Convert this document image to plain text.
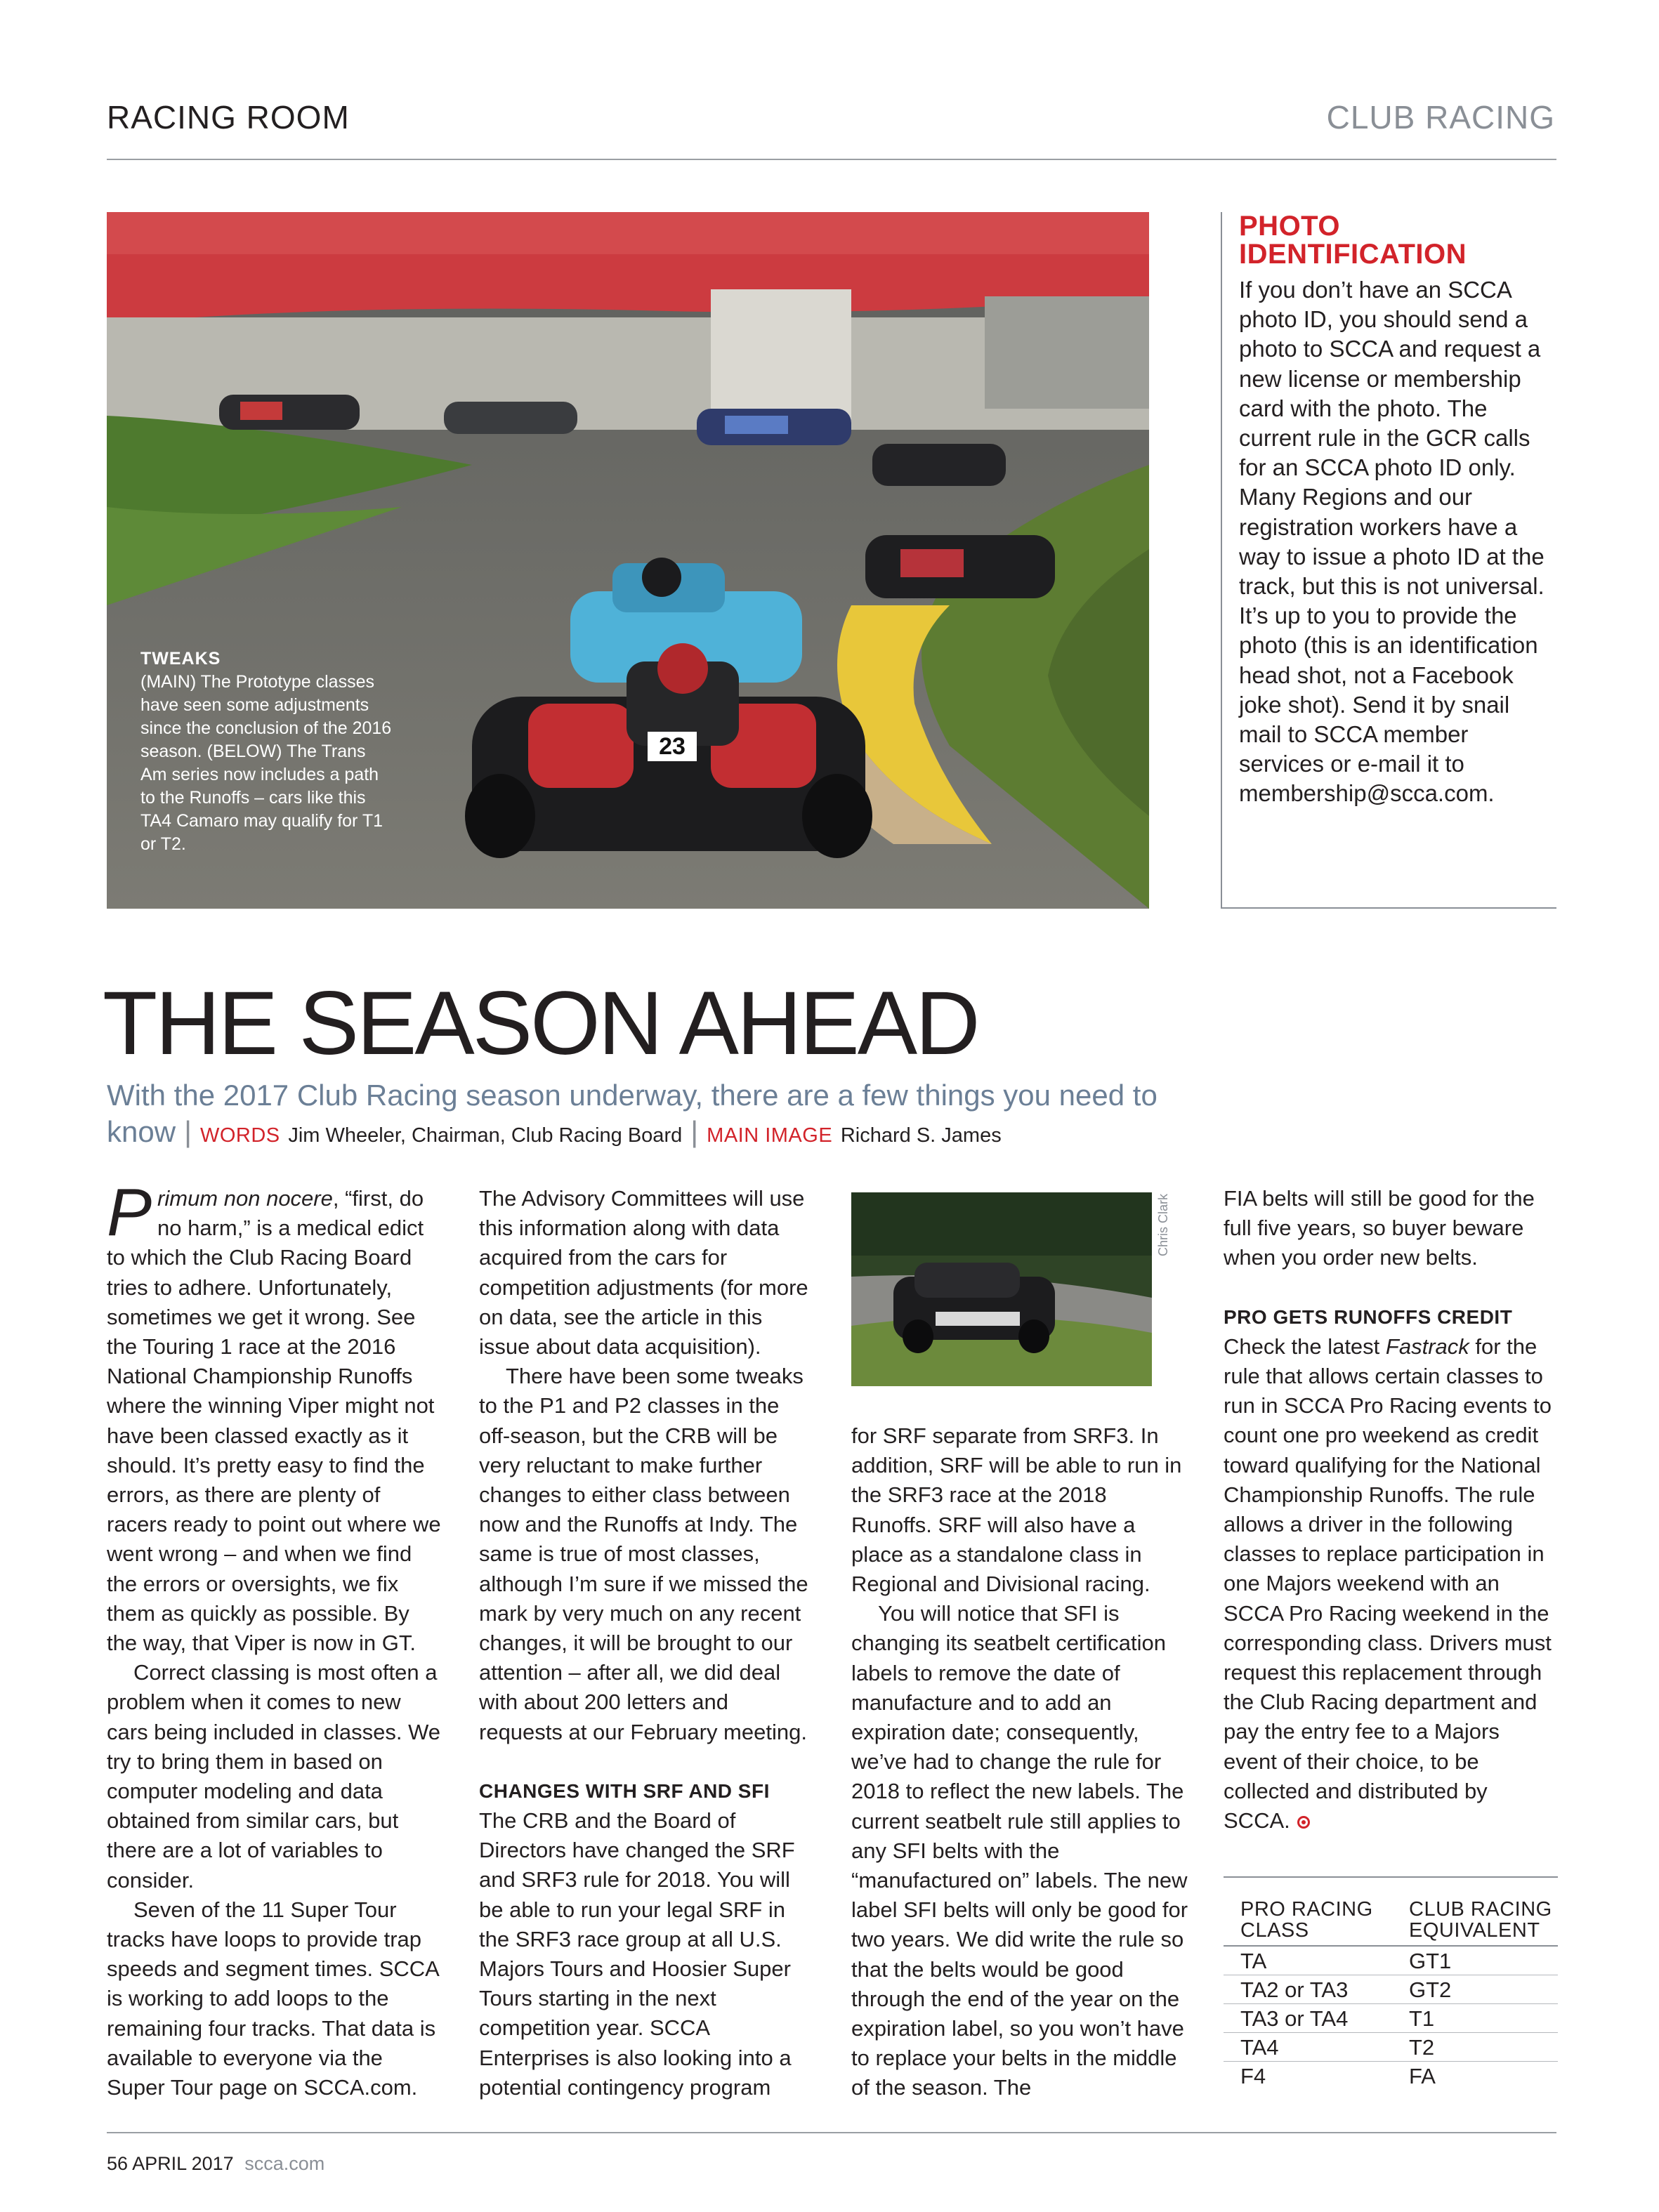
RACING ROOM	CLUB RACING
23
TWEAKS
(MAIN) The Prototype classes have seen some adjustments since the conclusion of the 2016 season. (BELOW) The Trans Am series now includes a path to the Runoffs – cars like this TA4 Camaro may qualify for T1 or T2.
PHOTO
IDENTIFICATION
If you don’t have an SCCA photo ID, you should send a photo to SCCA and request a new license or membership card with the photo. The current rule in the GCR calls for an SCCA photo ID only. Many Regions and our registration workers have a way to issue a photo ID at the track, but this is not universal. It’s up to you to provide the photo (this is an identification head shot, not a Facebook joke shot). Send it by snail mail to SCCA member services or e-mail it to membership@scca.com.
THE SEASON AHEAD
With the 2017 Club Racing season underway, there are a few things you need to know | WORDS Jim Wheeler, Chairman, Club Racing Board | MAIN IMAGE Richard S. James

Primum non nocere, “first, do no harm,” is a medical edict to which the Club Racing Board tries to adhere. Unfortunately, sometimes we get it wrong. See the Touring 1 race at the 2016 National Championship Runoffs where the winning Viper might not have been classed exactly as it should. It’s pretty easy to find the errors, as there are plenty of racers ready to point out where we went wrong – and when we find the errors or oversights, we fix them as quickly as possible. By the way, that Viper is now in GT.

Correct classing is most often a problem when it comes to new cars being included in classes. We try to bring them in based on computer modeling and data obtained from similar cars, but there are a lot of variables to consider.

Seven of the 11 Super Tour tracks have loops to provide trap speeds and segment times. SCCA is working to add loops to the remaining four tracks. That data is available to everyone via the Super Tour page on SCCA.com.

The Advisory Committees will use this information along with data acquired from the cars for competition adjustments (for more on data, see the article in this issue about data acquisition).

There have been some tweaks to the P1 and P2 classes in the off-season, but the CRB will be very reluctant to make further changes to either class between now and the Runoffs at Indy. The same is true of most classes, although I’m sure if we missed the mark by very much on any recent changes, it will be brought to our attention – after all, we did deal with about 200 letters and requests at our February meeting.

CHANGES WITH SRF AND SFI

The CRB and the Board of Directors have changed the SRF and SRF3 rule for 2018. You will be able to run your legal SRF in the SRF3 race group at all U.S. Majors Tours and Hoosier Super Tours starting in the next competition year. SCCA Enterprises is also looking into a potential contingency program

Chris Clark

for SRF separate from SRF3. In addition, SRF will be able to run in the SRF3 race at the 2018 Runoffs. SRF will also have a place as a standalone class in Regional and Divisional racing.

You will notice that SFI is changing its seatbelt certification labels to remove the date of manufacture and to add an expiration date; consequently, we’ve had to change the rule for 2018 to reflect the new labels. The current seatbelt rule still applies to any SFI belts with the “manufactured on” labels. The new label SFI belts will only be good for two years. We did write the rule so that the belts would be good through the end of the year on the expiration label, so you won’t have to replace your belts in the middle of the season. The

FIA belts will still be good for the full five years, so buyer beware when you order new belts.

PRO GETS RUNOFFS CREDIT

Check the latest Fastrack for the rule that allows certain classes to run in SCCA Pro Racing events to count one pro weekend as credit toward qualifying for the National Championship Runoffs. The rule allows a driver in the following classes to replace participation in one Majors weekend with an SCCA Pro Racing weekend in the corresponding class. Drivers must request this replacement through the Club Racing department and pay the entry fee to a Majors event of their choice, to be collected and distributed by SCCA.

PRO RACING CLASS	CLUB RACING EQUIVALENT
TA	GT1
TA2 or TA3	GT2
TA3 or TA4	T1
TA4	T2
F4	FA
56 APRIL 2017 scca.com
